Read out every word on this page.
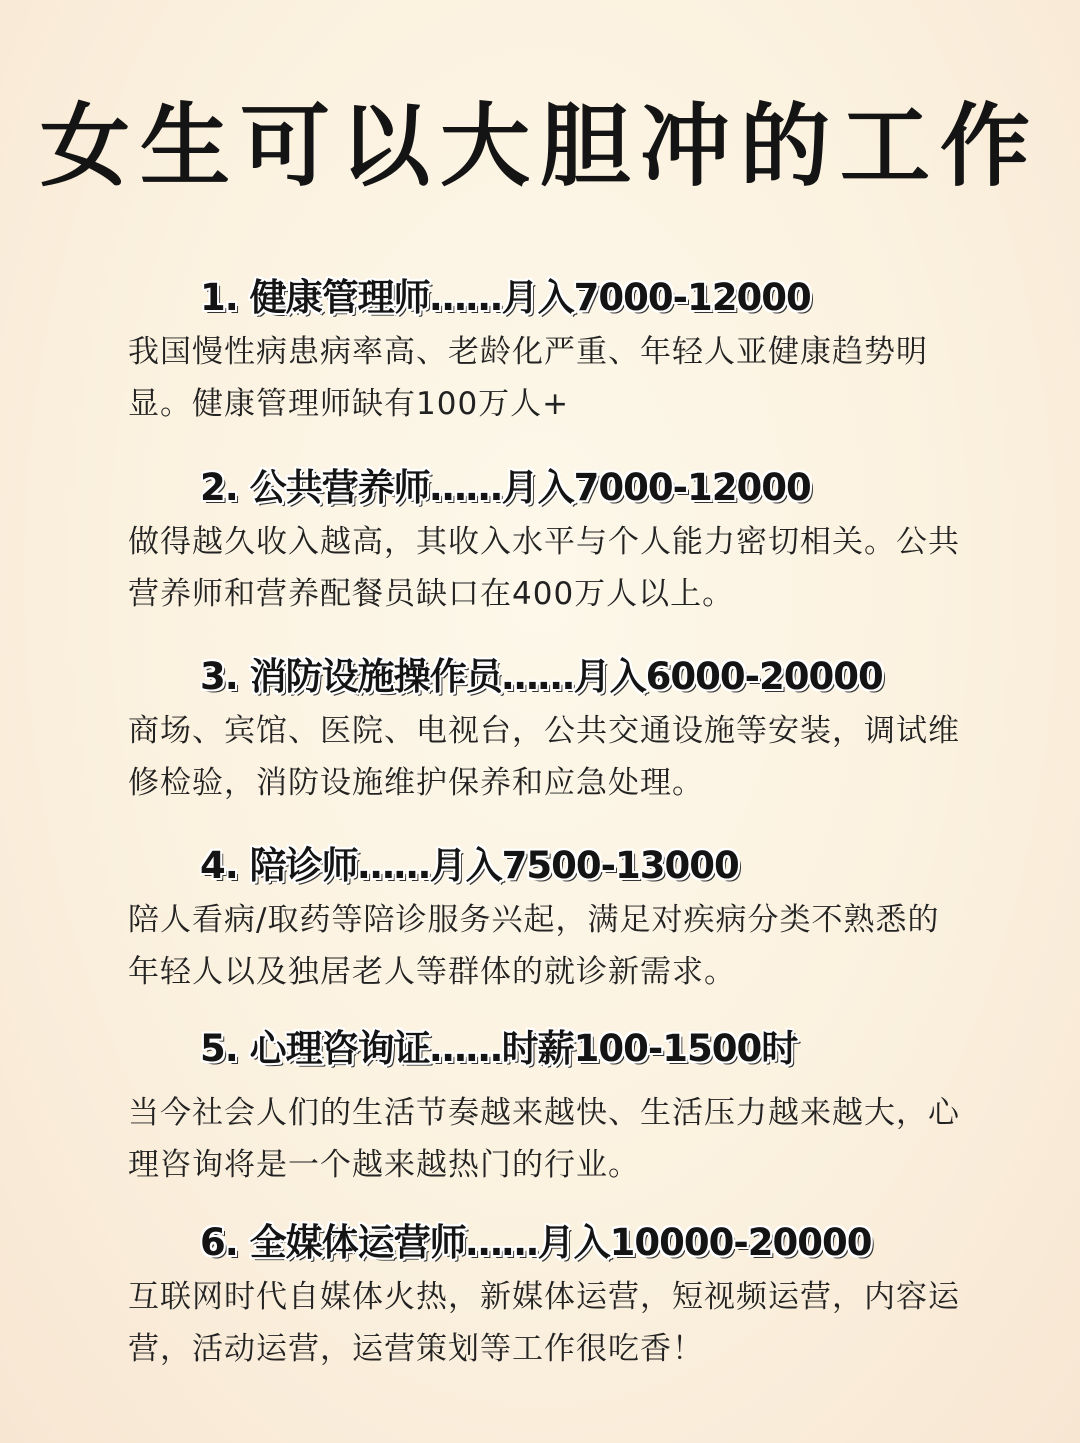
女生可以大胆冲的工作
1. 健康管理师……月入7000-12000
我国慢性病患病率高、老龄化严重、年轻人亚健康趋势明显。健康管理师缺有100万人+
2. 公共营养师……月入7000-12000
做得越久收入越高，其收入水平与个人能力密切相关。公共营养师和营养配餐员缺口在400万人以上。
3. 消防设施操作员……月入6000-20000
商场、宾馆、医院、电视台，公共交通设施等安装，调试维修检验，消防设施维护保养和应急处理。
4. 陪诊师……月入7500-13000
陪人看病/取药等陪诊服务兴起，满足对疾病分类不熟悉的年轻人以及独居老人等群体的就诊新需求。
5. 心理咨询证……时薪100-1500时
当今社会人们的生活节奏越来越快、生活压力越来越大，心理咨询将是一个越来越热门的行业。
6. 全媒体运营师……月入10000-20000
互联网时代自媒体火热，新媒体运营，短视频运营，内容运营，活动运营，运营策划等工作很吃香！
